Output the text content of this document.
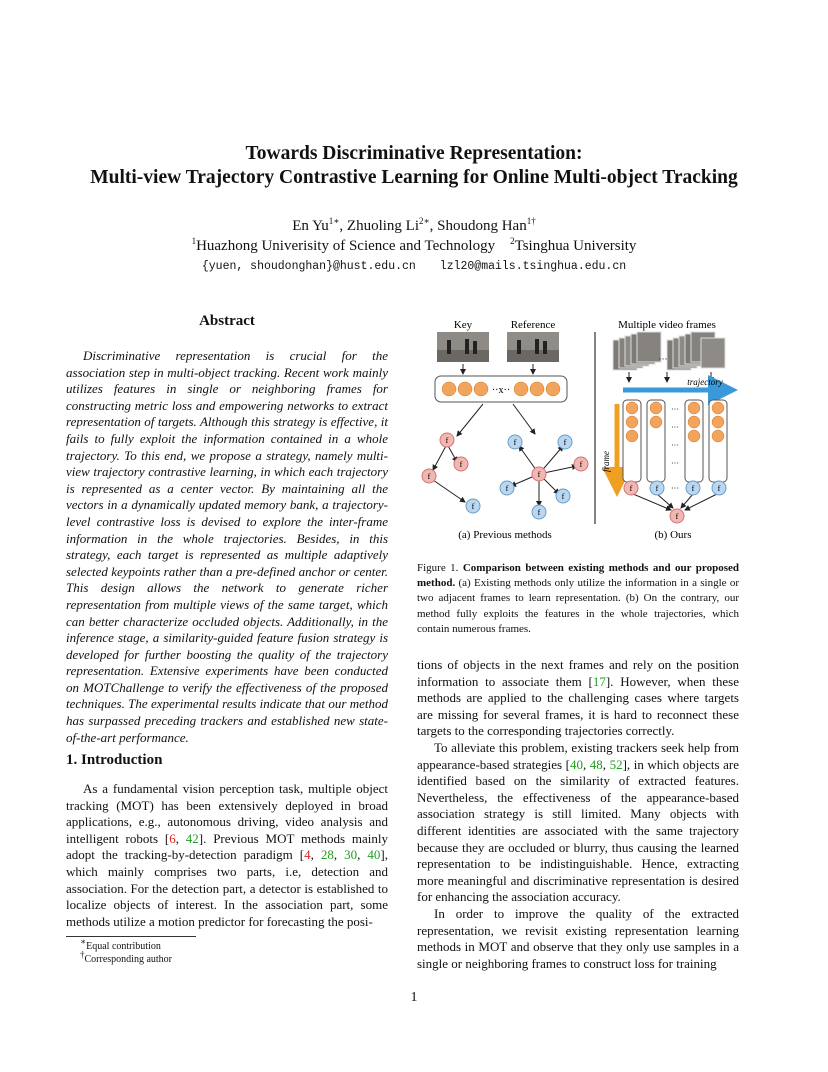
Towards Discriminative Representation:
Multi-view Trajectory Contrastive Learning for Online Multi-object Tracking
En $Yu^{1∗}$, Zhuoling $Li^{2∗}$, Shoudong Han$^{1\dagger}$
$^1$Huazhong Univerisity of Science and Technology $^2$Tsinghua University
{yuen, shoudonghan}@hust.edu.cn lzl20@mails.tsinghua.edu.cn
Abstract
Discriminative representation is crucial for the association step in multi-object tracking. Recent work mainly utilizes features in single or neighboring frames for constructing metric loss and empowering networks to extract representation of targets. Although this strategy is effective, it fails to fully exploit the information contained in a whole trajectory. To this end, we propose a strategy, namely multi-view trajectory contrastive learning, in which each trajectory is represented as a center vector. By maintaining all the vectors in a dynamically updated memory bank, a trajectory-level contrastive loss is devised to explore the inter-frame information in the whole trajectories. Besides, in this strategy, each target is represented as multiple adaptively selected keypoints rather than a pre-defined anchor or center. This design allows the network to generate richer representation from multiple views of the same target, which can better characterize occluded objects. Additionally, in the inference stage, a similarity-guided feature fusion strategy is developed for further boosting the quality of the trajectory representation. Extensive experiments have been conducted on MOTChallenge to verify the effectiveness of the proposed techniques. The experimental results indicate that our method has surpassed preceding trackers and established new state-of-the-art performance.
1. Introduction
As a fundamental vision perception task, multiple object tracking (MOT) has been extensively deployed in broad applications, e.g., autonomous driving, video analysis and intelligent robots [6, 42]. Previous MOT methods mainly adopt the tracking-by-detection paradigm [4, 28, 30, 40], which mainly comprises two parts, i.e, detection and association. For the detection part, a detector is established to localize objects of interest. In the association part, some methods utilize a motion predictor for forecasting the posi-
∗Equal contribution
†Corresponding author
1
Key	Reference	Multiple video frames
··x··
f
f
f
f
f	f
f
f
f
f
f
···
trajectory
frame
···
···
···
···
···
f	f	f	f
f
(a) Previous methods	(b) Ours
Figure 1. Comparison between existing methods and our proposed method. (a) Existing methods only utilize the information in a single or two adjacent frames to learn representation. (b) On the contrary, our method fully exploits the features in the whole trajectories, which contain numerous frames.
tions of objects in the next frames and rely on the position information to associate them [17]. However, when these methods are applied to the challenging cases where targets are missing for several frames, it is hard to reconnect these targets to the corresponding trajectories correctly.
To alleviate this problem, existing trackers seek help from appearance-based strategies [40, 48, 52], in which objects are identified based on the similarity of extracted features. Nevertheless, the effectiveness of the appearance-based association strategy is still limited. Many objects with different identities are associated with the same trajectory because they are occluded or blurry, thus causing the learned representation to be indistinguishable. Hence, extracting more meaningful and discriminative representation is desired for enhancing the association accuracy.
In order to improve the quality of the extracted representation, we revisit existing representation learning methods in MOT and observe that they only use samples in a single or neighboring frames to construct loss for training
